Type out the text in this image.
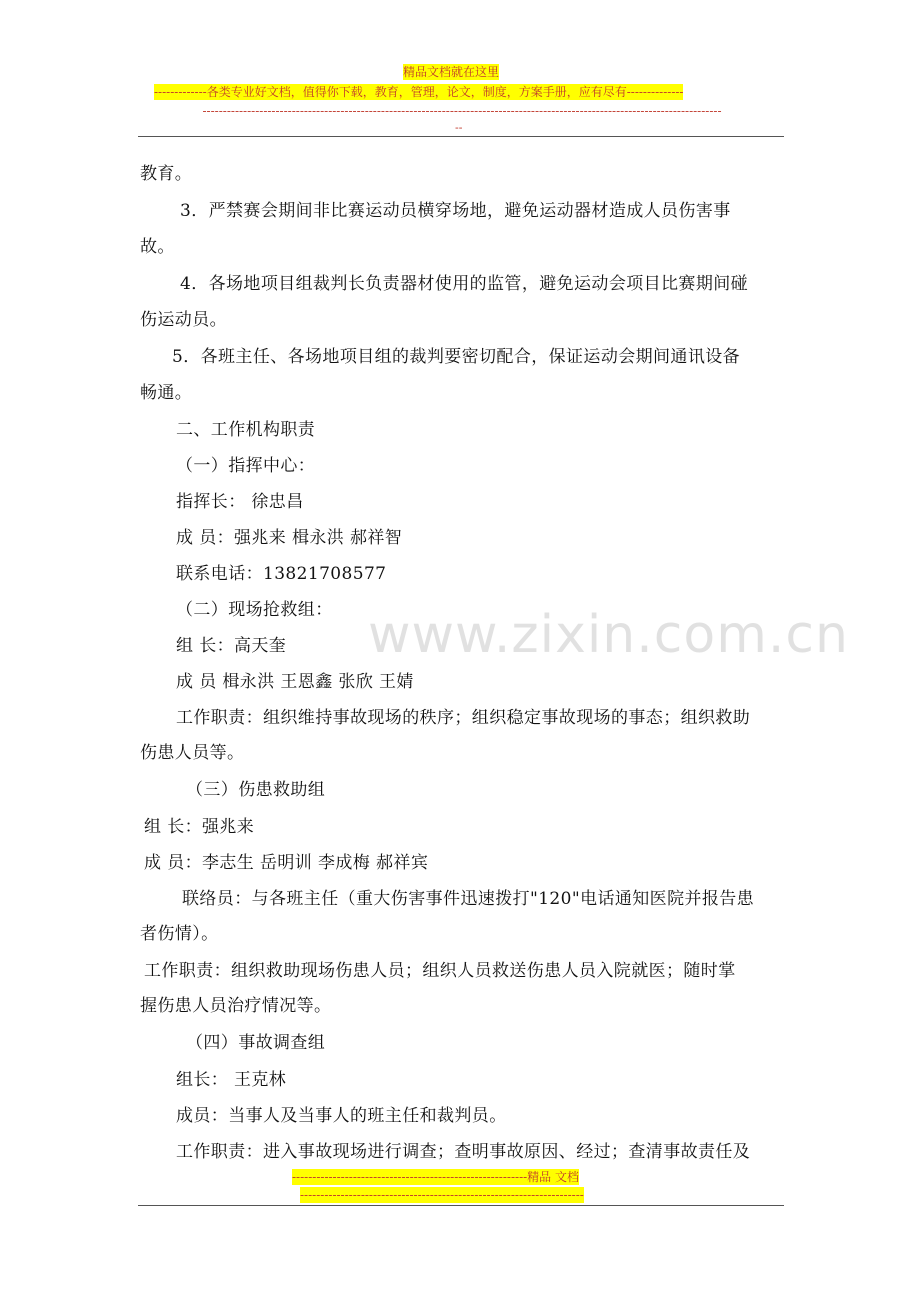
精品文档就在这里
-------------各类专业好文档，值得你下载，教育，管理，论文，制度，方案手册，应有尽有--------------
--------------------------------------------------------------------------------------------------------------------------------
--
www.zixin.com.cn
教育。
3．严禁赛会期间非比赛运动员横穿场地，避免运动器材造成人员伤害事
故。
4．各场地项目组裁判长负责器材使用的监管，避免运动会项目比赛期间碰
伤运动员。
5．各班主任、各场地项目组的裁判要密切配合，保证运动会期间通讯设备
畅通。
二、工作机构职责
（一）指挥中心：
指挥长： 徐忠昌
成 员：强兆来 楫永洪 郝祥智
联系电话：13821708577
（二）现场抢救组：
组 长：高天奎
成 员 楫永洪 王恩鑫 张欣 王婧
工作职责：组织维持事故现场的秩序；组织稳定事故现场的事态；组织救助
伤患人员等。
（三）伤患救助组
组 长：强兆来
成 员：李志生 岳明训 李成梅 郝祥宾
联络员：与各班主任（重大伤害事件迅速拨打"120"电话通知医院并报告患
者伤情）。
工作职责：组织救助现场伤患人员；组织人员救送伤患人员入院就医；随时掌
握伤患人员治疗情况等。
（四）事故调查组
组长： 王克林
成员：当事人及当事人的班主任和裁判员。
工作职责：进入事故现场进行调查；查明事故原因、经过；查清事故责任及
----------------------------------------------------------精品 文档
----------------------------------------------------------------------
